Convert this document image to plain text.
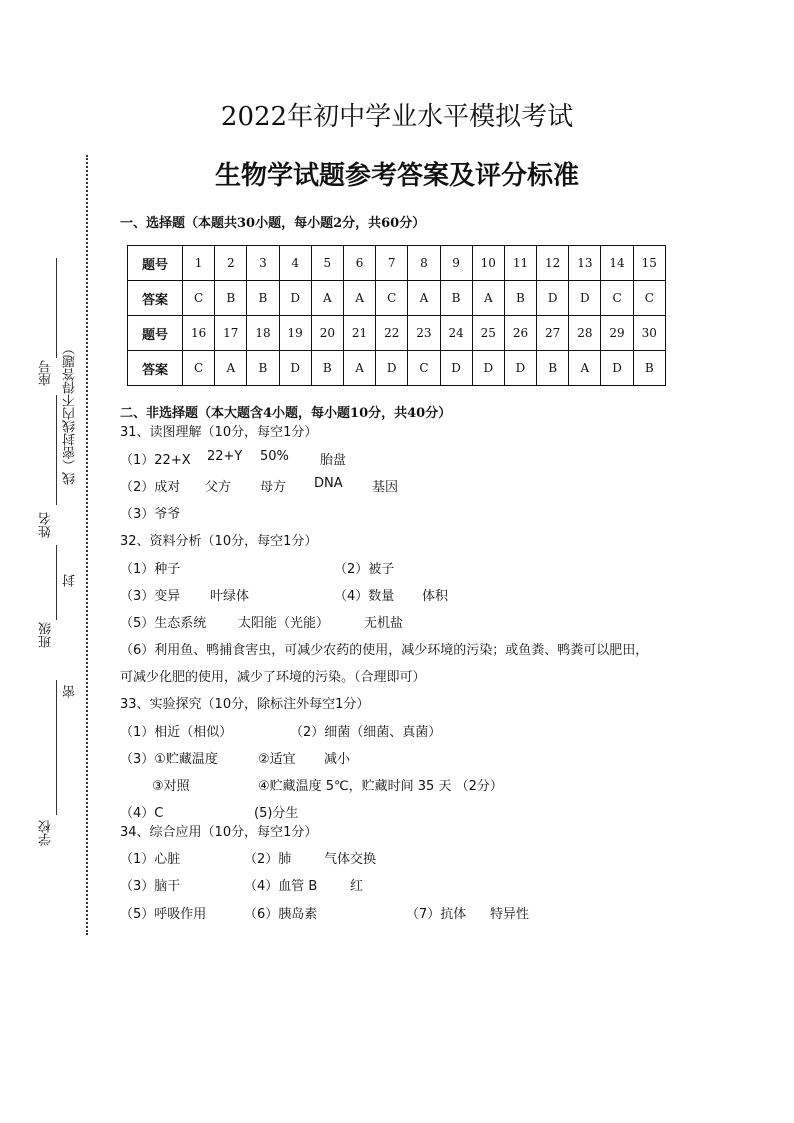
座号 （密封线内不得答题）
线
姓名
封
班级
密
学校
2022年初中学业水平模拟考试
生物学试题参考答案及评分标准
一、选择题（本题共30小题，每小题2分，共60分）
题号	1	2	3	4	5	6	7	8	9	10	11	12	13	14	15
答案	C	B	B	D	A	A	C	A	B	A	B	D	D	C	C
题号	16	17	18	19	20	21	22	23	24	25	26	27	28	29	30
答案	C	A	B	D	B	A	D	C	D	D	D	B	A	D	B
二、非选择题（本大题含4小题，每小题10分，共40分）
31、读图理解（10分，每空1分）
（1）22+X 22+Y 50% 胎盘
（2）成对 父方 母方 DNA 基因
（3）爷爷
32、资料分析（10分，每空1分）
（1）种子	（2）被子
（3）变异 叶绿体	（4）数量 体积
（5）生态系统 太阳能（光能）	无机盐
（6）利用鱼、鸭捕食害虫，可减少农药的使用，减少环境的污染；或鱼粪、鸭粪可以肥田，
可减少化肥的使用，减少了环境的污染。（合理即可）
33、实验探究（10分，除标注外每空1分）
（1）相近（相似）	（2）细菌（细菌、真菌）
（3）①贮藏温度	②适宜 减小
③对照	④贮藏温度 5℃，贮藏时间 35 天 （2分）
（4）C	(5)分生
34、综合应用（10分，每空1分）
（1）心脏	（2）肺	气体交换
（3）脑干	（4）血管 B	红
（5）呼吸作用	（6）胰岛素	（7）抗体 特异性
